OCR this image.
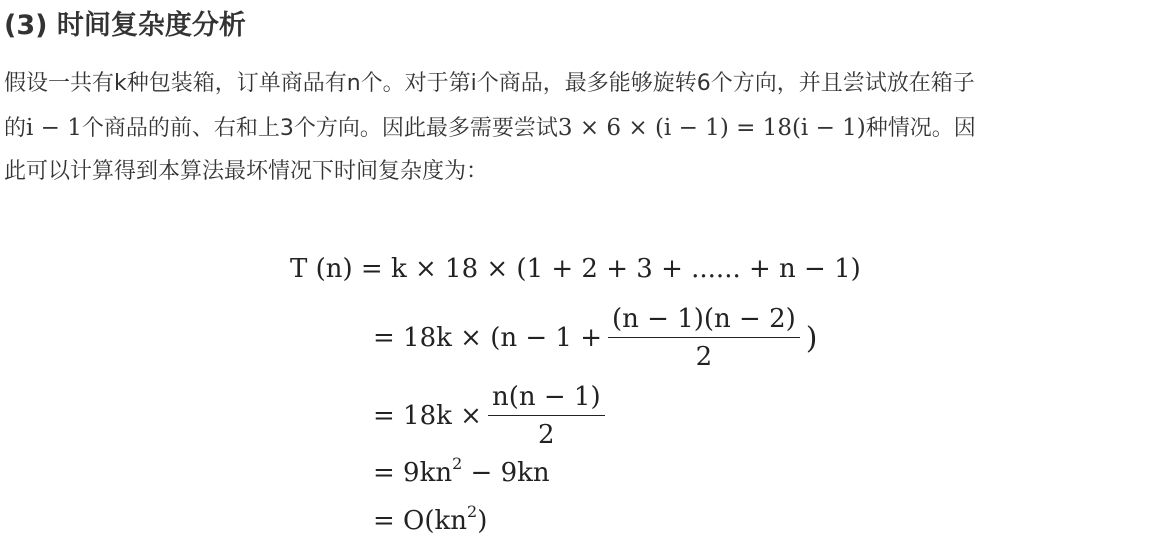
(3) 时间复杂度分析

假设一共有k种包装箱，订单商品有n个。对于第i个商品，最多能够旋转6个方向，并且尝试放在箱子

的i − 1个商品的前、右和上3个方向。因此最多需要尝试3 × 6 × (i − 1) = 18(i − 1)种情况。因

此可以计算得到本算法最坏情况下时间复杂度为：

T (n) = k × 18 × (1 + 2 + 3 + ...... + n − 1)
= $18k \times (n - 1 + \frac{(n - 1)(n - 2)}{2}$ )
= $18k \times \frac{n(n - 1)}{2}$
= $9kn^2 - 9kn$
= $O(kn^2)$
